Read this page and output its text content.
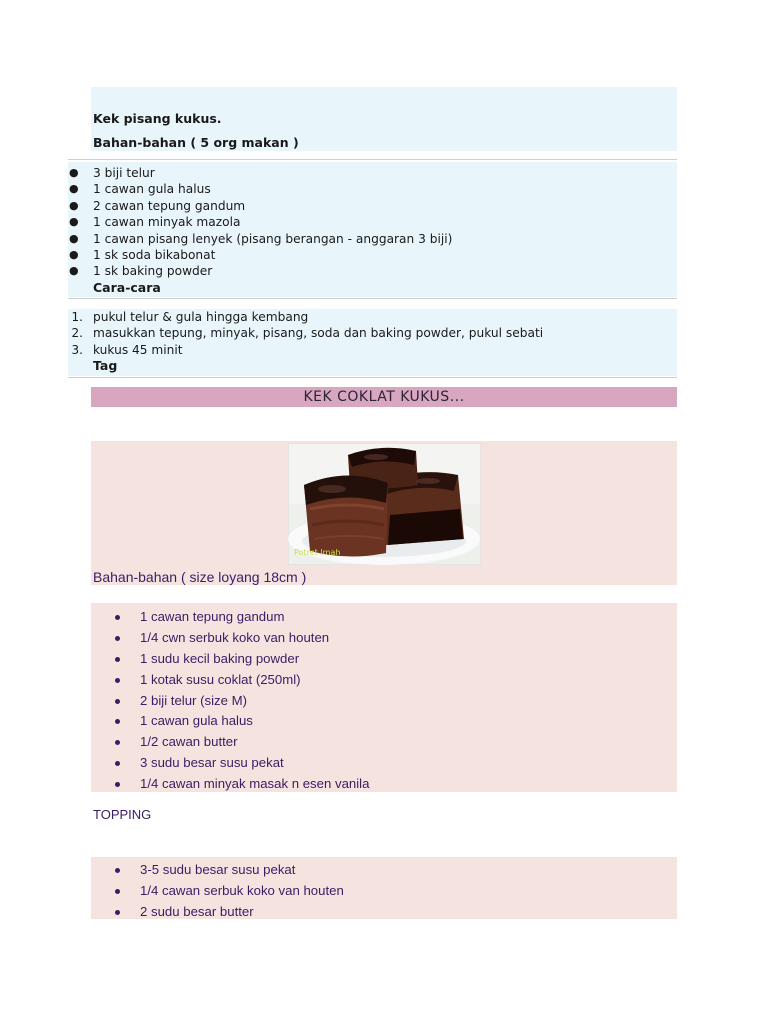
Kek pisang kukus.
Bahan-bahan ( 5 org makan )
● 3 biji telur
● 1 cawan gula halus
● 2 cawan tepung gandum
● 1 cawan minyak mazola
● 1 cawan pisang lenyek (pisang berangan - anggaran 3 biji)
● 1 sk soda bikabonat
● 1 sk baking powder
Cara-cara
1. pukul telur & gula hingga kembang
2. masukkan tepung, minyak, pisang, soda dan baking powder, pukul sebati
3. kukus 45 minit
Tag
KEK COKLAT KUKUS...
Potret Imah
Bahan-bahan ( size loyang 18cm )
1 cawan tepung gandum
1/4 cwn serbuk koko van houten
1 sudu kecil baking powder
1 kotak susu coklat (250ml)
2 biji telur (size M)
1 cawan gula halus
1/2 cawan butter
3 sudu besar susu pekat
1/4 cawan minyak masak n esen vanila
TOPPING
3-5 sudu besar susu pekat
1/4 cawan serbuk koko van houten
2 sudu besar butter
